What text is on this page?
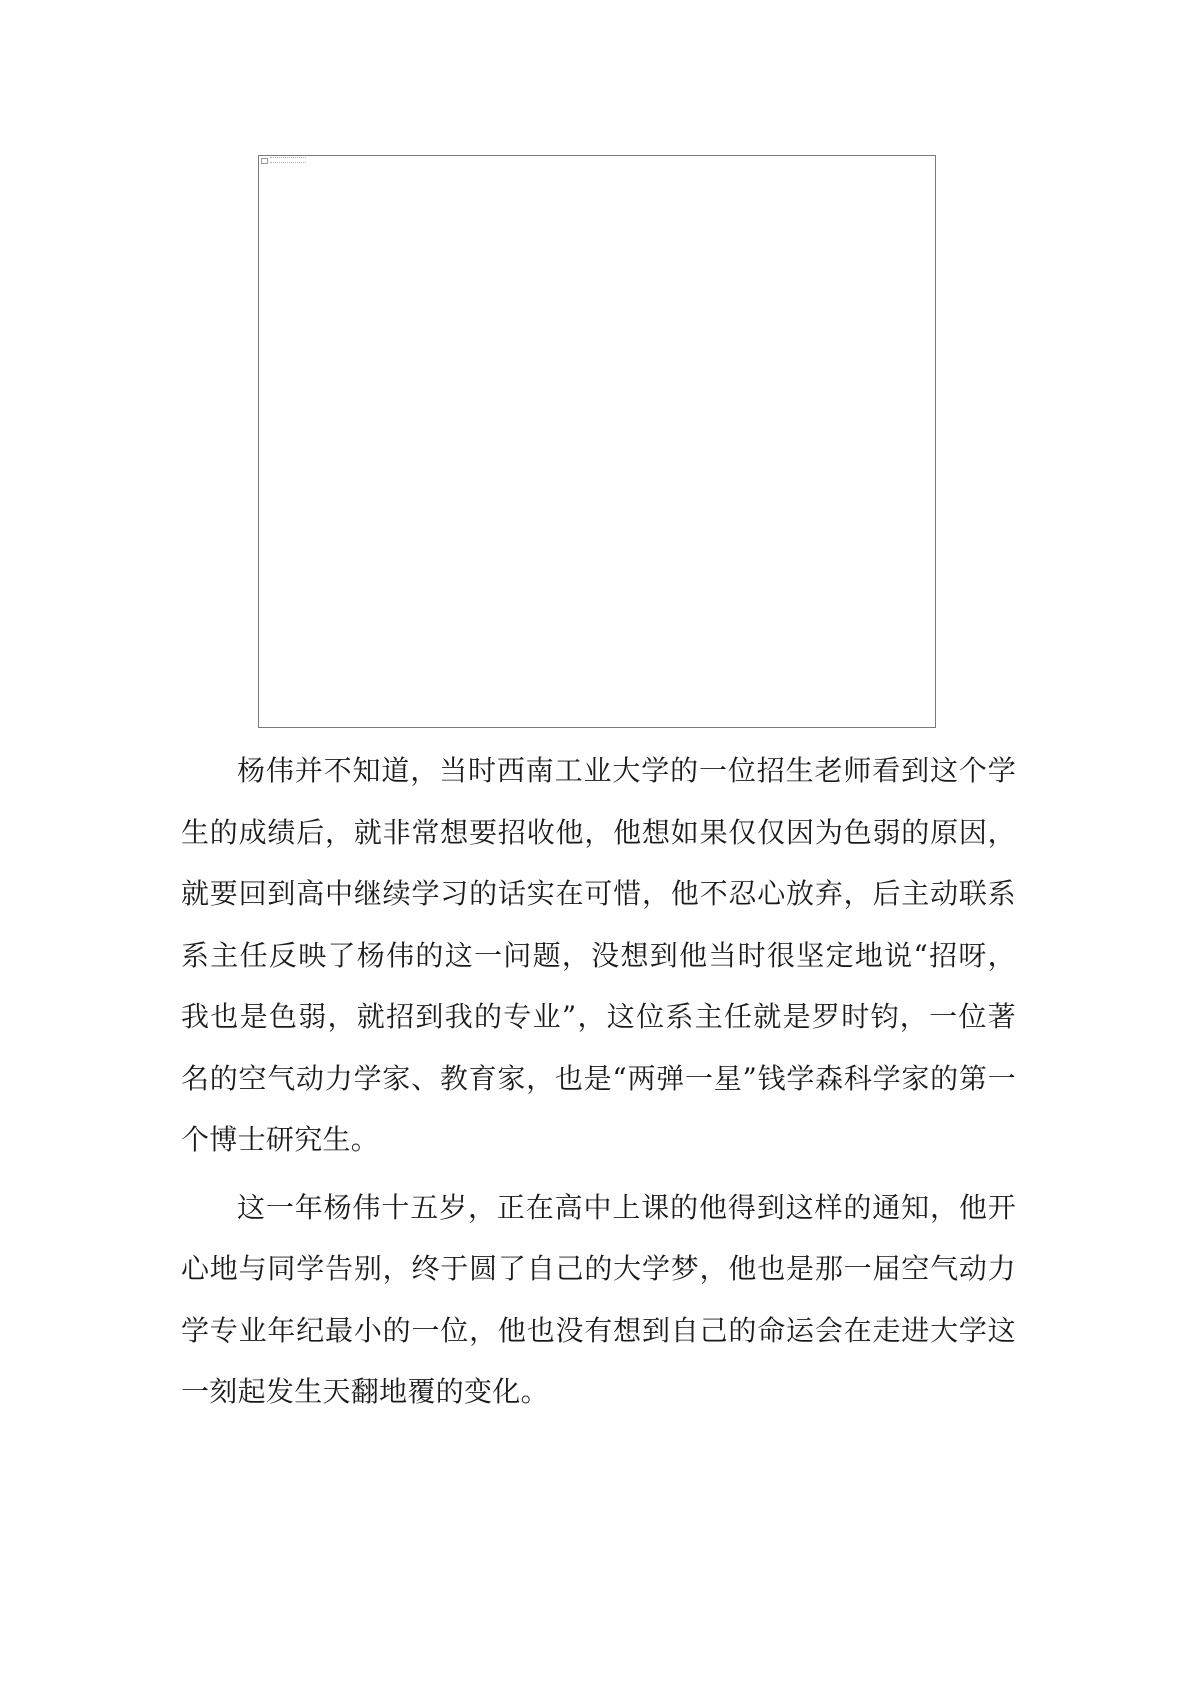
杨伟并不知道，当时西南工业大学的一位招生老师看到这个学生的成绩后，就非常想要招收他，他想如果仅仅因为色弱的原因，就要回到高中继续学习的话实在可惜，他不忍心放弃，后主动联系系主任反映了杨伟的这一问题，没想到他当时很坚定地说“招呀，我也是色弱，就招到我的专业”，这位系主任就是罗时钧，一位著名的空气动力学家、教育家，也是“两弹一星”钱学森科学家的第一个博士研究生。

这一年杨伟十五岁，正在高中上课的他得到这样的通知，他开心地与同学告别，终于圆了自己的大学梦，他也是那一届空气动力学专业年纪最小的一位，他也没有想到自己的命运会在走进大学这一刻起发生天翻地覆的变化。
